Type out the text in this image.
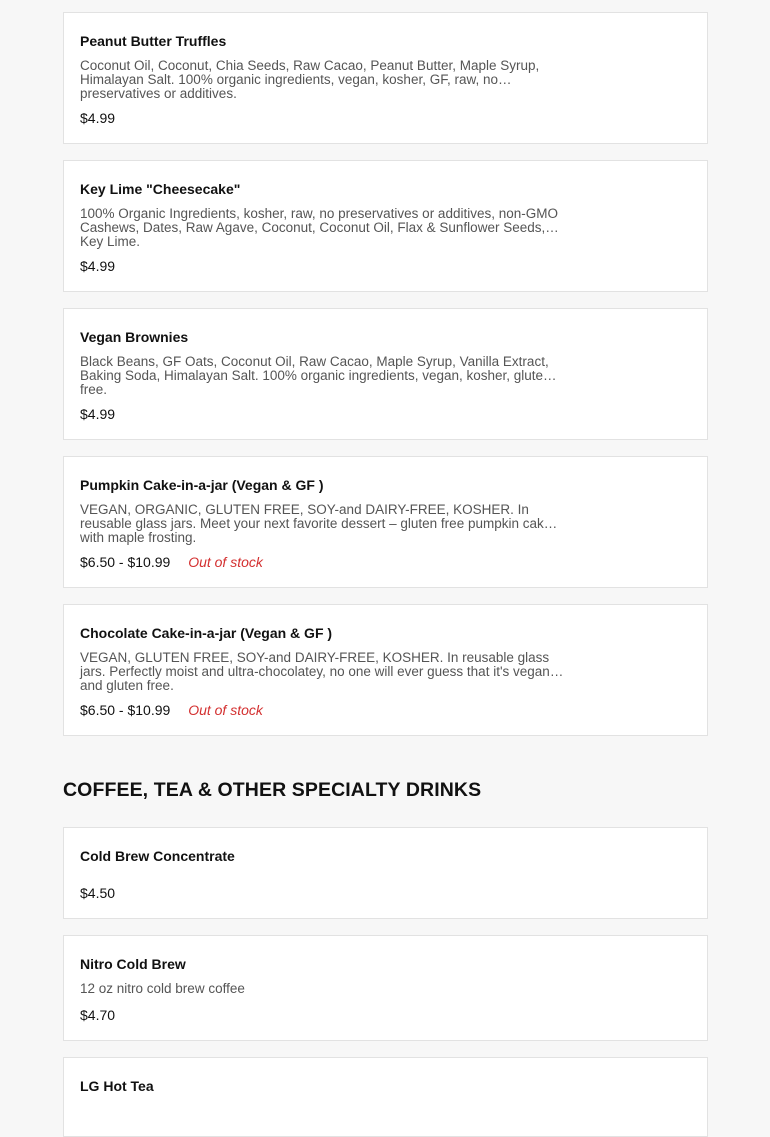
Peanut Butter Truffles
Coconut Oil, Coconut, Chia Seeds, Raw Cacao, Peanut Butter, Maple Syrup, Himalayan Salt. 100% organic ingredients, vegan, kosher, GF, raw, no preservatives or additives.
$4.99
Key Lime "Cheesecake"
100% Organic Ingredients, kosher, raw, no preservatives or additives, non-GMO Cashews, Dates, Raw Agave, Coconut, Coconut Oil, Flax & Sunflower Seeds, Key Lime.
$4.99
Vegan Brownies
Black Beans, GF Oats, Coconut Oil, Raw Cacao, Maple Syrup, Vanilla Extract, Baking Soda, Himalayan Salt. 100% organic ingredients, vegan, kosher, gluten free.
$4.99
Pumpkin Cake-in-a-jar (Vegan & GF )
VEGAN, ORGANIC, GLUTEN FREE, SOY-and DAIRY-FREE, KOSHER. In reusable glass jars. Meet your next favorite dessert – gluten free pumpkin cake with maple frosting.
$6.50 - $10.99 Out of stock
Chocolate Cake-in-a-jar (Vegan & GF )
VEGAN, GLUTEN FREE, SOY-and DAIRY-FREE, KOSHER. In reusable glass jars. Perfectly moist and ultra-chocolatey, no one will ever guess that it's vegan and gluten free.
$6.50 - $10.99 Out of stock
COFFEE, TEA & OTHER SPECIALTY DRINKS
Cold Brew Concentrate
$4.50
Nitro Cold Brew
12 oz nitro cold brew coffee
$4.70
LG Hot Tea
